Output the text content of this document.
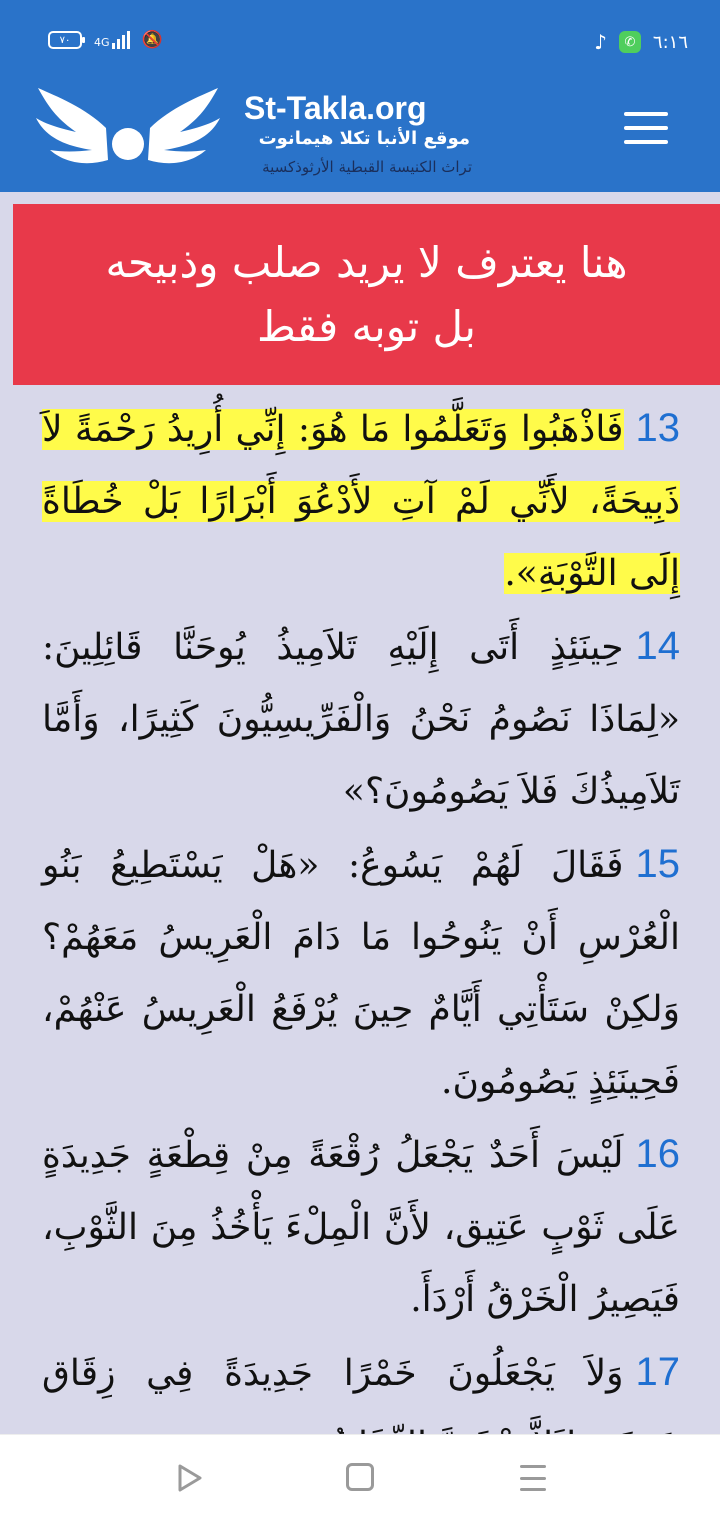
♪	✆ ٦:١٦
٧٠	4G 🔕
St-Takla.org
موقع الأنبا تكلا هيمانوت
تراث الكنيسة القبطية الأرثوذكسية
هنا يعترف لا يريد صلب وذبيحه
بل توبه فقط

13فَاذْهَبُوا وَتَعَلَّمُوا مَا هُوَ: إِنِّي أُرِيدُ رَحْمَةً لاَ ذَبِيحَةً، لأَنِّي لَمْ آتِ لأَدْعُوَ أَبْرَارًا بَلْ خُطَاةً إِلَى التَّوْبَةِ».

14حِينَئِذٍ أَتَى إِلَيْهِ تَلاَمِيذُ يُوحَنَّا قَائِلِينَ: «لِمَاذَا نَصُومُ نَحْنُ وَالْفَرِّيسِيُّونَ كَثِيرًا، وَأَمَّا تَلاَمِيذُكَ فَلاَ يَصُومُونَ؟»

15فَقَالَ لَهُمْ يَسُوعُ: «هَلْ يَسْتَطِيعُ بَنُو الْعُرْسِ أَنْ يَنُوحُوا مَا دَامَ الْعَرِيسُ مَعَهُمْ؟ وَلكِنْ سَتَأْتِي أَيَّامٌ حِينَ يُرْفَعُ الْعَرِيسُ عَنْهُمْ، فَحِينَئِذٍ يَصُومُونَ.

16لَيْسَ أَحَدٌ يَجْعَلُ رُقْعَةً مِنْ قِطْعَةٍ جَدِيدَةٍ عَلَى ثَوْبٍ عَتِيق، لأَنَّ الْمِلْءَ يَأْخُذُ مِنَ الثَّوْبِ، فَيَصِيرُ الْخَرْقُ أَرْدَأَ.

17وَلاَ يَجْعَلُونَ خَمْرًا جَدِيدَةً فِي زِقَاق
